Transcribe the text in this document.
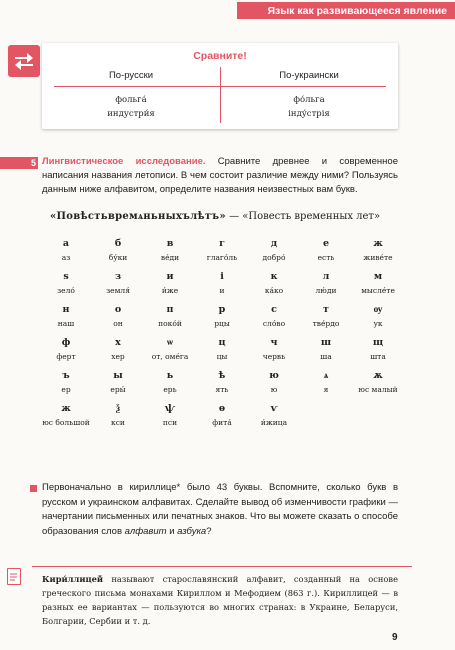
Язык как развивающееся явление
Сравните!
По-русски	По-украински
фольга́
индустри́я
фо́льга
інду́стрія
5 Лингвистическое исследование. Сравните древнее и современное написания названия летописи. В чем состоит различие между ними? Пользуясь данным ниже алфавитом, определите названия неизвестных вам букв.
«Повѣстьвремѧньныхълѣтъ» — «Повесть временных лет»
а
аз
б
бу́ки
в
ве́ди
г
глаго́ль
д
добро́
е
есть
ж
живе́те
ѕ
зело́
з
земля́
и
и́же
і
и
к
ка́ко
л
лю́ди
м
мысле́те
н
наш
о
он
п
поко́й
р
рцы
с
сло́во
т
тве́рдо
ѹ
ук
ф
ферт
х
хер
ѡ
от, оме́га
ц
цы
ч
червь
ш
ша
щ
шта
ъ
ер
ы
еры́
ь
ерь
ѣ
ять
ю
ю
ѧ
я
ѫ
юс малый
ж
юс большой
ѯ
кси
ѱ
пси
ѳ
фита́
ѵ
и́жица
Первоначально в кириллице* было 43 буквы. Вспомните, сколько букв в русском и украинском алфавитах. Сделайте вывод об изменчивости графики — начертании письменных или печатных знаков. Что вы можете сказать о способе образования слов алфавит и азбука?
Кири́ллицей называют старославянский алфавит, созданный на основе греческого письма монахами Кириллом и Мефодием (863 г.). Кириллицей — в разных ее вариантах — пользуются во многих странах: в Украине, Беларуси, Болгарии, Сербии и т. д.
9
